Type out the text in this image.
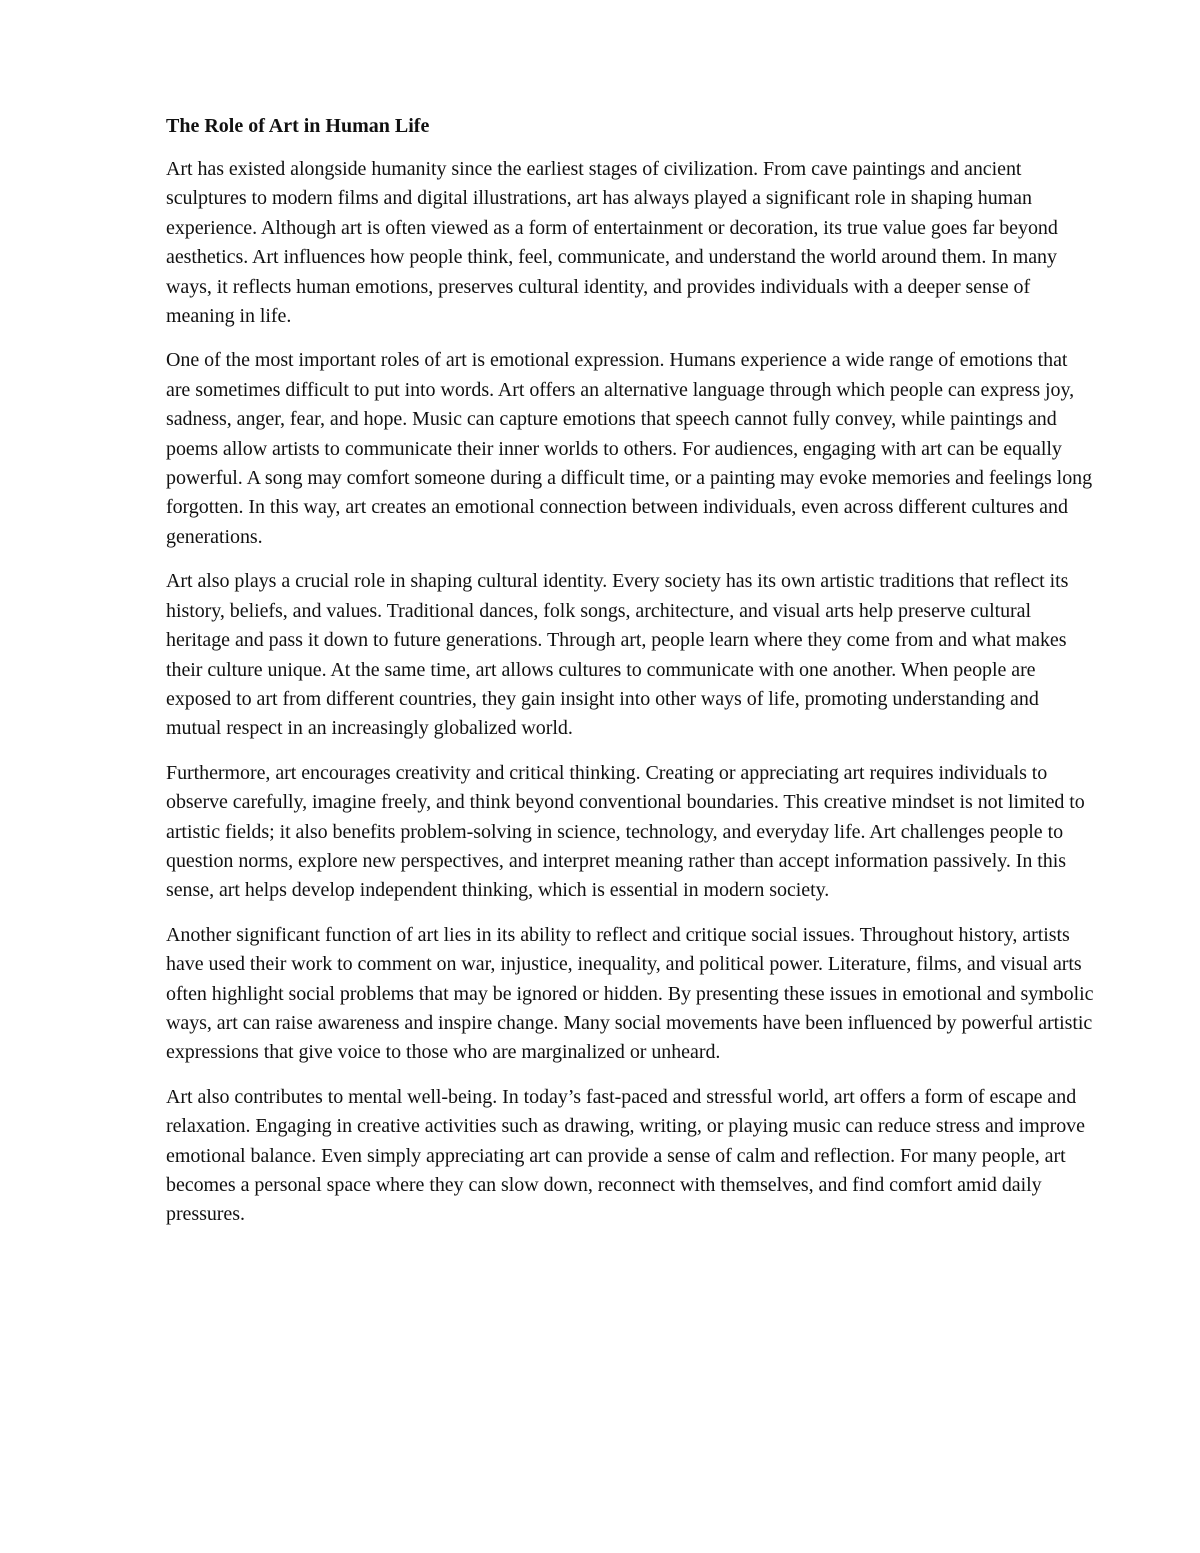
The Role of Art in Human Life

Art has existed alongside humanity since the earliest stages of civilization. From cave paintings and ancient sculptures to modern films and digital illustrations, art has always played a significant role in shaping human experience. Although art is often viewed as a form of entertainment or decoration, its true value goes far beyond aesthetics. Art influences how people think, feel, communicate, and understand the world around them. In many ways, it reflects human emotions, preserves cultural identity, and provides individuals with a deeper sense of meaning in life.

One of the most important roles of art is emotional expression. Humans experience a wide range of emotions that are sometimes difficult to put into words. Art offers an alternative language through which people can express joy, sadness, anger, fear, and hope. Music can capture emotions that speech cannot fully convey, while paintings and poems allow artists to communicate their inner worlds to others. For audiences, engaging with art can be equally powerful. A song may comfort someone during a difficult time, or a painting may evoke memories and feelings long forgotten. In this way, art creates an emotional connection between individuals, even across different cultures and generations.

Art also plays a crucial role in shaping cultural identity. Every society has its own artistic traditions that reflect its history, beliefs, and values. Traditional dances, folk songs, architecture, and visual arts help preserve cultural heritage and pass it down to future generations. Through art, people learn where they come from and what makes their culture unique. At the same time, art allows cultures to communicate with one another. When people are exposed to art from different countries, they gain insight into other ways of life, promoting understanding and mutual respect in an increasingly globalized world.

Furthermore, art encourages creativity and critical thinking. Creating or appreciating art requires individuals to observe carefully, imagine freely, and think beyond conventional boundaries. This creative mindset is not limited to artistic fields; it also benefits problem-solving in science, technology, and everyday life. Art challenges people to question norms, explore new perspectives, and interpret meaning rather than accept information passively. In this sense, art helps develop independent thinking, which is essential in modern society.

Another significant function of art lies in its ability to reflect and critique social issues. Throughout history, artists have used their work to comment on war, injustice, inequality, and political power. Literature, films, and visual arts often highlight social problems that may be ignored or hidden. By presenting these issues in emotional and symbolic ways, art can raise awareness and inspire change. Many social movements have been influenced by powerful artistic expressions that give voice to those who are marginalized or unheard.

Art also contributes to mental well-being. In today’s fast-paced and stressful world, art offers a form of escape and relaxation. Engaging in creative activities such as drawing, writing, or playing music can reduce stress and improve emotional balance. Even simply appreciating art can provide a sense of calm and reflection. For many people, art becomes a personal space where they can slow down, reconnect with themselves, and find comfort amid daily pressures.
